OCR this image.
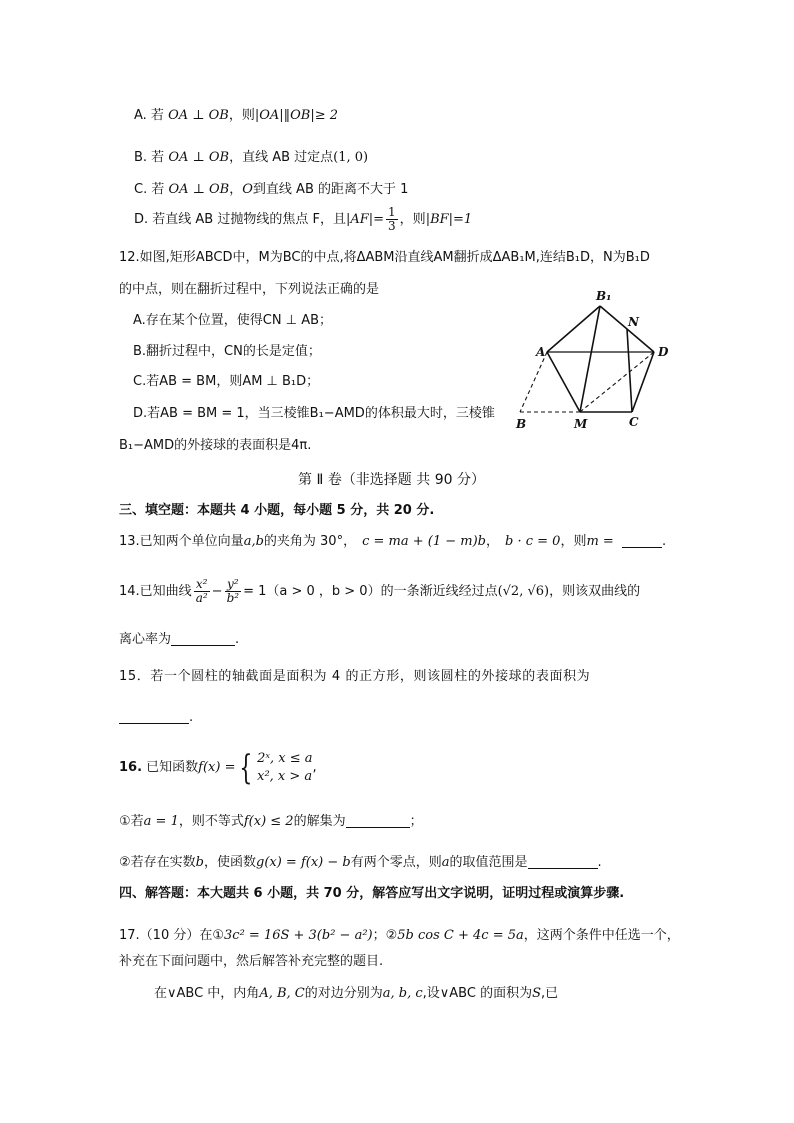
A. 若 OA ⊥ OB，则|OA|‖OB|≥ 2
B. 若 OA ⊥ OB，直线 AB 过定点(1, 0)
C. 若 OA ⊥ OB，O到直线 AB 的距离不大于 1
D. 若直线 AB 过抛物线的焦点 F，且$|AF|= \frac{1}{3}$ ，则|BF|=1
12.如图,矩形ABCD中，M为BC的中点,将ΔABM沿直线AM翻折成ΔAB₁M,连结B₁D，N为B₁D
的中点，则在翻折过程中，下列说法正确的是
A.存在某个位置，使得CN ⊥ AB；
B.翻折过程中，CN的长是定值；
C.若AB = BM，则AM ⊥ B₁D；
D.若AB = BM = 1，当三棱锥B₁−AMD的体积最大时，三棱锥
B₁−AMD的外接球的表面积是4π.
B₁
N
A	D
B	M	C
第 Ⅱ 卷（非选择题 共 90 分）
三、填空题：本题共 4 小题，每小题 5 分，共 20 分.
13.已知两个单位向量a,b的夹角为 30°， c = ma + (1 − m)b， b · c = 0，则m =	.
14.已知曲线 $\frac{\text{x²}}{\text{a²}} - \frac{\text{y²}}{\text{b²}} = 1(a > 0$ ，b > 0）的一条渐近线经过点(√2, √6)，则该双曲线的
离心率为	.
15．若一个圆柱的轴截面是面积为 4 的正方形，则该圆柱的外接球的表面积为
.
16. 已知函数f(x) = { 2ˣ, x ≤ a
x², x > a
,
①若a = 1，则不等式f(x) ≤ 2的解集为	；
②若存在实数b，使函数g(x) = f(x) − b有两个零点，则a的取值范围是	.
四、解答题：本大题共 6 小题，共 70 分，解答应写出文字说明，证明过程或演算步骤.
17.（10 分）在①3c² = 16S + 3(b² − a²)；②5b cos C + 4c = 5a，这两个条件中任选一个，
补充在下面问题中，然后解答补充完整的题目.
在∨ABC 中，内角A, B, C的对边分别为a, b, c,设∨ABC 的面积为S,已
